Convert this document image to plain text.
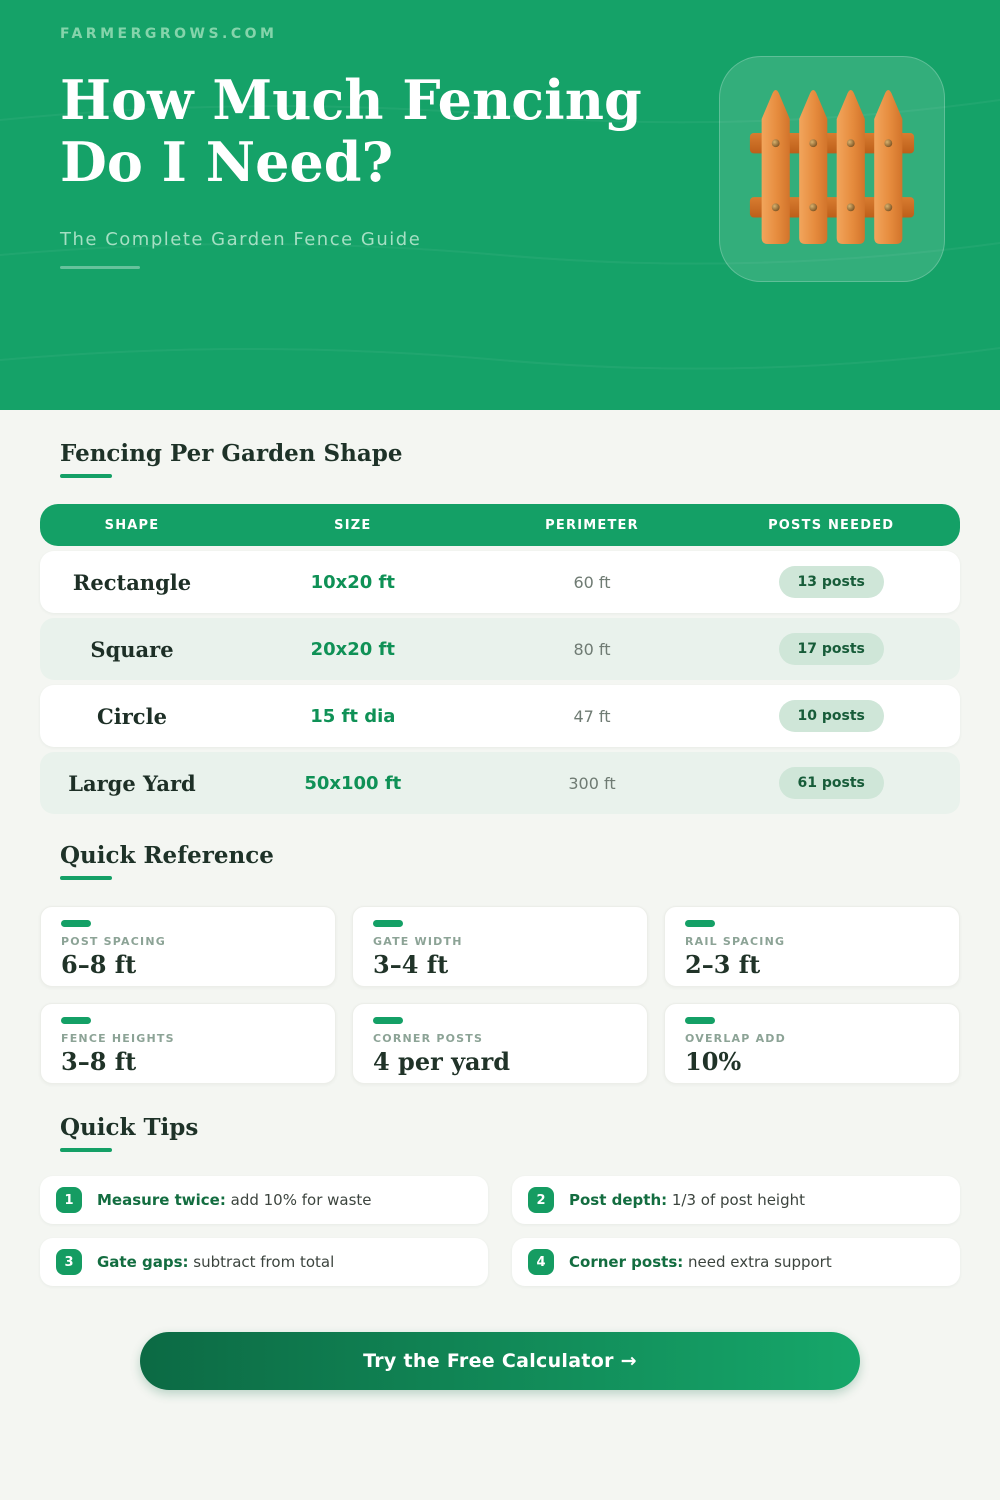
FARMERGROWS.COM
How Much Fencing
Do I Need?
The Complete Garden Fence Guide
Fencing Per Garden Shape
SHAPE	SIZE	PERIMETER	POSTS NEEDED
Rectangle	10x20 ft	60 ft	13 posts
Square	20x20 ft	80 ft	17 posts
Circle	15 ft dia	47 ft	10 posts
Large Yard	50x100 ft	300 ft	61 posts
Quick Reference
POST SPACING
6–8 ft
GATE WIDTH
3–4 ft
RAIL SPACING
2–3 ft
FENCE HEIGHTS
3–8 ft
CORNER POSTS
4 per yard
OVERLAP ADD
10%
Quick Tips
1	Measure twice: add 10% for waste	2	Post depth: 1/3 of post height
3	Gate gaps: subtract from total	4	Corner posts: need extra support
Try the Free Calculator →
